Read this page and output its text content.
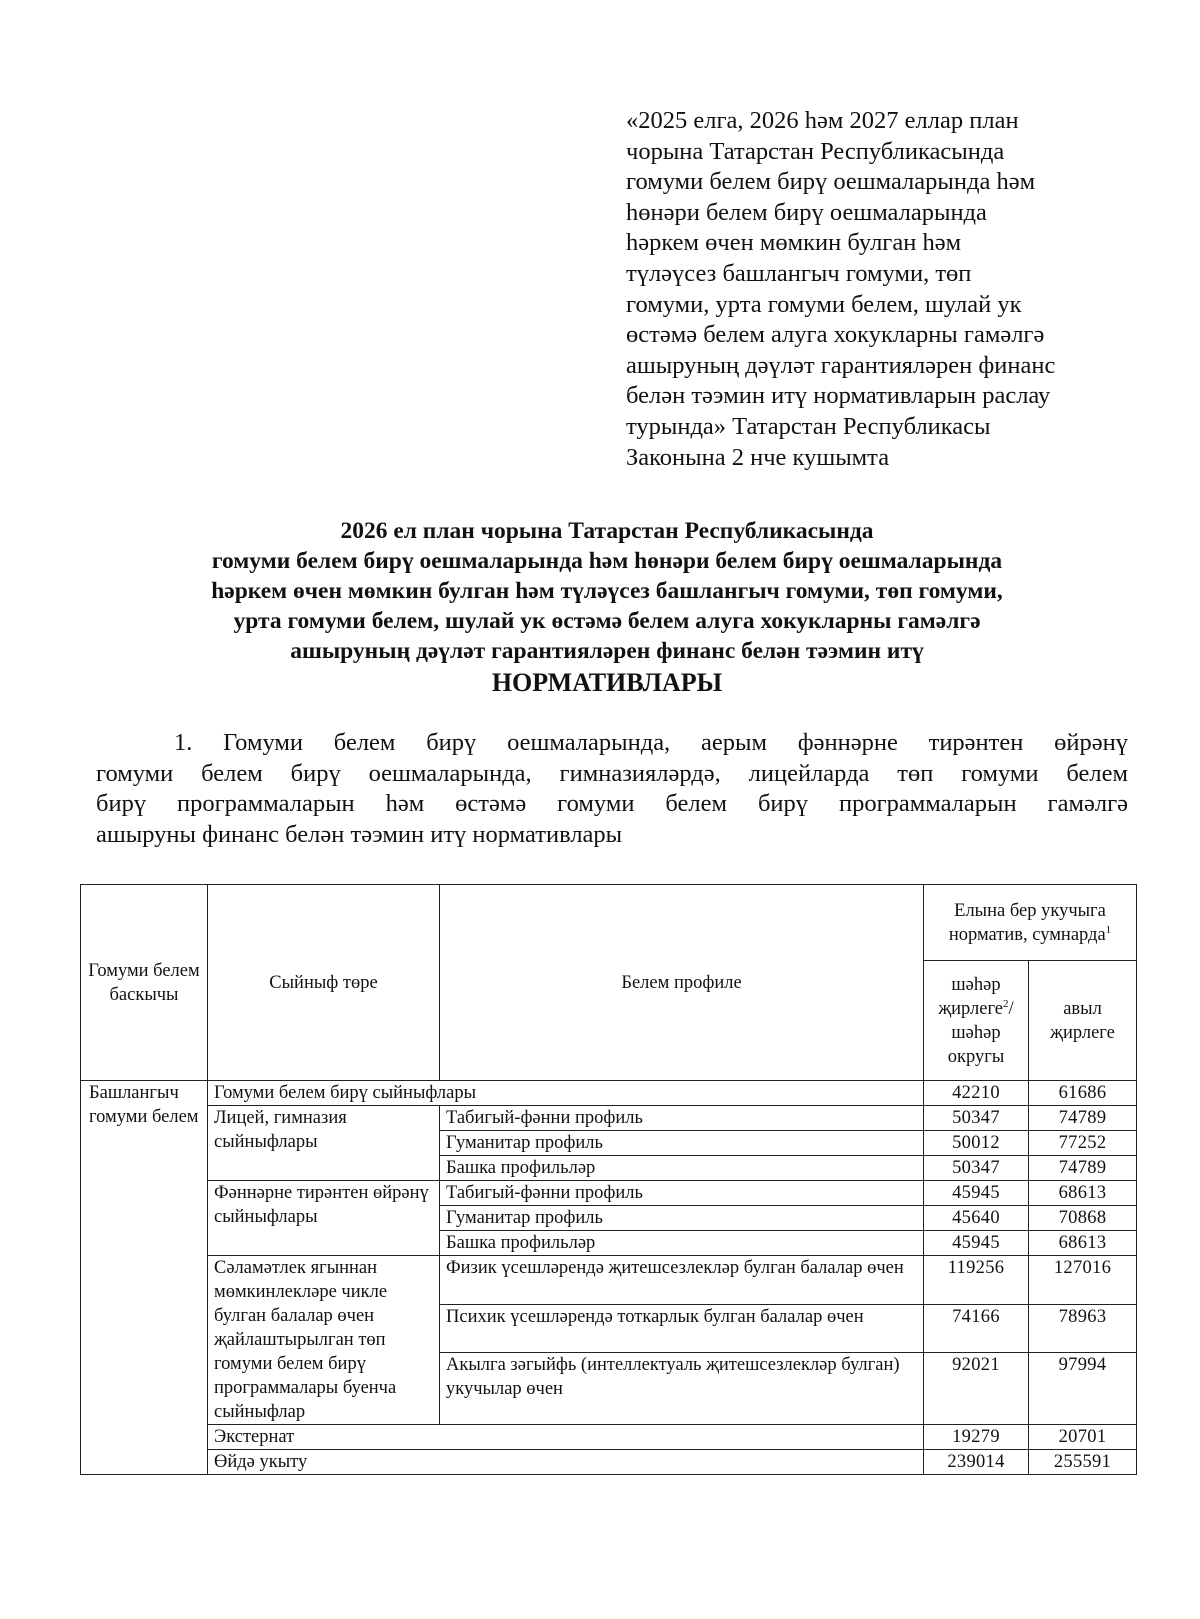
«2025 елга, 2026 һәм 2027 еллар план
чорына Татарстан Республикасында
гомуми белем бирү оешмаларында һәм
һөнәри белем бирү оешмаларында
һәркем өчен мөмкин булган һәм
түләүсез башлангыч гомуми, төп
гомуми, урта гомуми белем, шулай ук
өстәмә белем алуга хокукларны гамәлгә
ашыруның дәүләт гарантияләрен финанс
белән тәэмин итү нормативларын раслау
турында» Татарстан Республикасы
Законына 2 нче кушымта
2026 ел план чорына Татарстан Республикасында
гомуми белем бирү оешмаларында һәм һөнәри белем бирү оешмаларында
һәркем өчен мөмкин булган һәм түләүсез башлангыч гомуми, төп гомуми,
урта гомуми белем, шулай ук өстәмә белем алуга хокукларны гамәлгә
ашыруның дәүләт гарантияләрен финанс белән тәэмин итү
НОРМАТИВЛАРЫ
1. Гомуми белем бирү оешмаларында, аерым фәннәрне тирәнтен өйрәнү
гомуми белем бирү оешмаларында, гимназияләрдә, лицейларда төп гомуми белем
бирү программаларын һәм өстәмә гомуми белем бирү программаларын гамәлгә
ашыруны финанс белән тәэмин итү нормативлары
Гомуми белем баскычы	Сыйныф төре	Белем профиле	Елына бер укучыга норматив, сумнарда$^1$
			шәһәр җирлеге$^2$/ шәһәр округы	авыл җирлеге
Башлангыч гомуми белем	Гомуми белем бирү сыйныфлары		42210	61686
	Лицей, гимназия сыйныфлары	Табигый-фәнни профиль	50347	74789
		Гуманитар профиль	50012	77252
		Башка профильләр	50347	74789
	Фәннәрне тирәнтен өйрәнү сыйныфлары	Табигый-фәнни профиль	45945	68613
		Гуманитар профиль	45640	70868
		Башка профильләр	45945	68613
	Сәламәтлек ягыннан мөмкинлекләре чикле булган балалар өчен җайлаштырылган төп гомуми белем бирү программалары буенча сыйныфлар	Физик үсешләрендә җитешсезлекләр булган балалар өчен	119256	127016
		Психик үсешләрендә тоткарлык булган балалар өчен	74166	78963
		Акылга зәгыйфь (интеллектуаль җитешсезлекләр булган) укучылар өчен	92021	97994
	Экстернат		19279	20701
	Өйдә укыту		239014	255591
